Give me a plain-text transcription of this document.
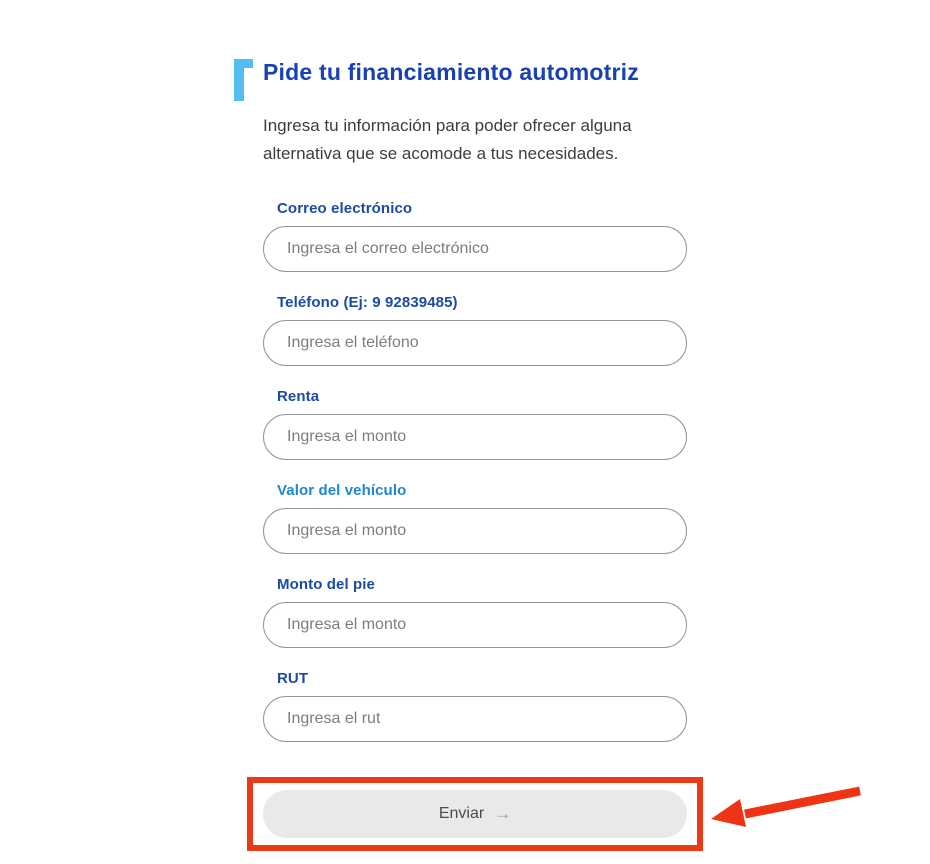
Pide tu financiamiento automotriz
Ingresa tu información para poder ofrecer alguna
alternativa que se acomode a tus necesidades.
Correo electrónico
Ingresa el correo electrónico
Teléfono (Ej: 9 92839485)
Ingresa el teléfono
Renta
Ingresa el monto
Valor del vehículo
Ingresa el monto
Monto del pie
Ingresa el monto
RUT
Ingresa el rut
Enviar →
